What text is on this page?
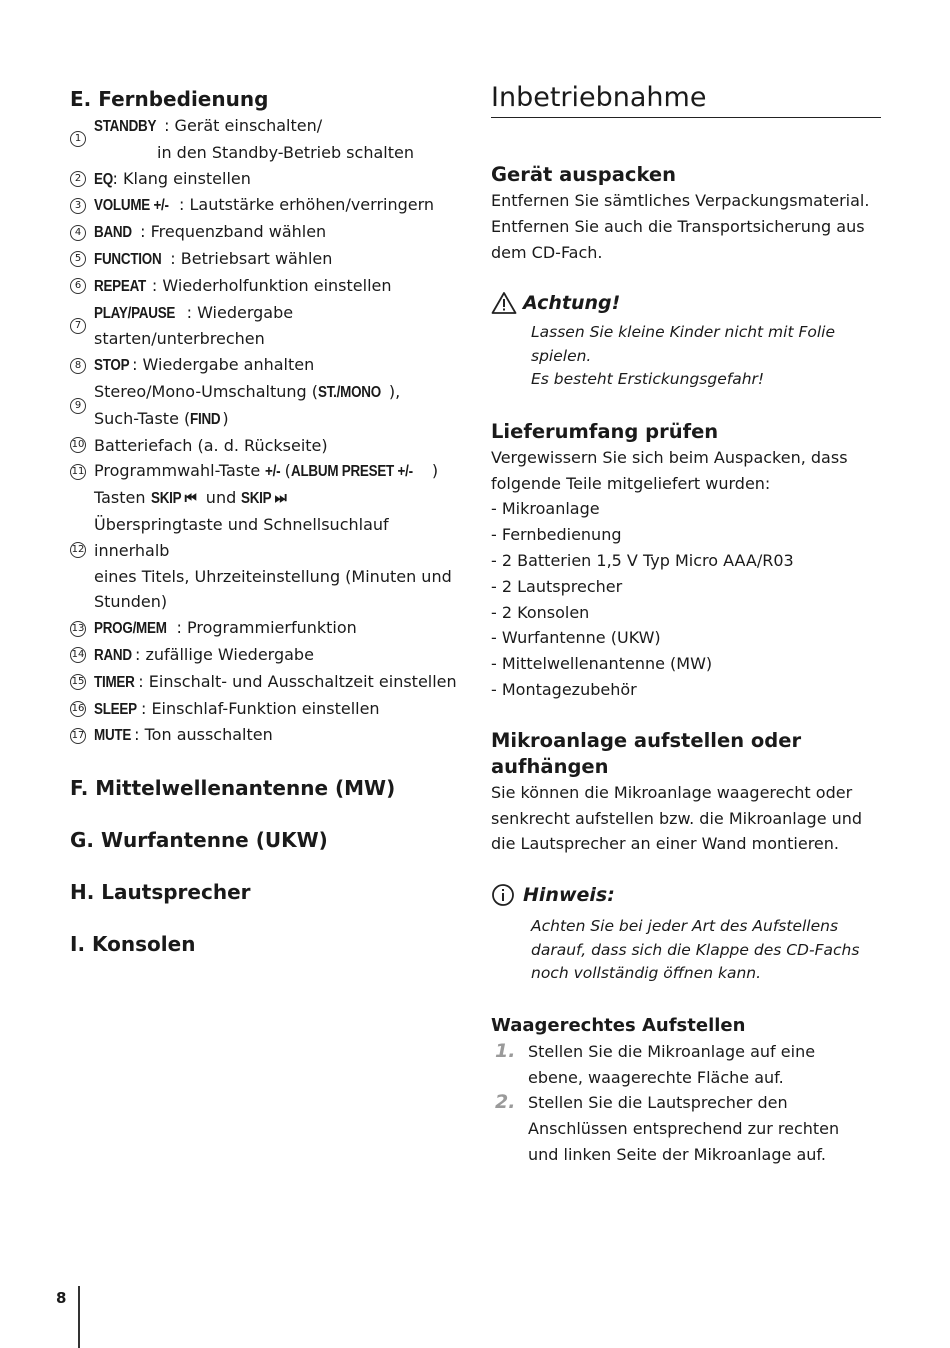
E. Fernbedienung
1
STANDBY : Gerät einschalten/
in den Standby-Betrieb schalten
2 EQ: Klang einstellen
3 VOLUME +/- : Lautstärke erhöhen/verringern
4 BAND : Frequenzband wählen
5 FUNCTION : Betriebsart wählen
6 REPEAT : Wiederholfunktion einstellen
7
PLAY/PAUSE : Wiedergabe starten/unterbrechen
8 STOP : Wiedergabe anhalten
9
Stereo/Mono-Umschaltung (ST./MONO ),
Such-Taste (FIND )
10 Batteriefach (a. d. Rückseite)
11 Programmwahl-Taste +/- (ALBUM PRESET +/- )
12
Tasten SKIP ⏮ und SKIP ⏭
Überspringtaste und Schnellsuchlauf innerhalb
eines Titels, Uhrzeiteinstellung (Minuten und
Stunden)
13 PROG/MEM : Programmierfunktion
14 RAND : zufällige Wiedergabe
15 TIMER : Einschalt- und Ausschaltzeit einstellen
16 SLEEP : Einschlaf-Funktion einstellen
17 MUTE : Ton ausschalten
F. Mittelwellenantenne (MW)
G. Wurfantenne (UKW)
H. Lautsprecher
I. Konsolen
Inbetriebnahme
Gerät auspacken

Entfernen Sie sämtliches Verpackungsmaterial. Entfernen Sie auch die Transportsicherung aus dem CD-Fach.

Achtung!

Lassen Sie kleine Kinder nicht mit Folie spielen.

Es besteht Erstickungsgefahr!

Lieferumfang prüfen

Vergewissern Sie sich beim Auspacken, dass folgende Teile mitgeliefert wurden:

- Mikroanlage
- Fernbedienung
- 2 Batterien 1,5 V Typ Micro AAA/R03
- 2 Lautsprecher
- 2 Konsolen
- Wurfantenne (UKW)
- Mittelwellenantenne (MW)
- Montagezubehör
Mikroanlage aufstellen oder aufhängen

Sie können die Mikroanlage waagerecht oder senkrecht aufstellen bzw. die Mikroanlage und die Lautsprecher an einer Wand montieren.

Hinweis:

Achten Sie bei jeder Art des Aufstellens darauf, dass sich die Klappe des CD-Fachs noch vollständig öffnen kann.

Waagerechtes Aufstellen
1. Stellen Sie die Mikroanlage auf eine ebene, waagerechte Fläche auf.
2. Stellen Sie die Lautsprecher den Anschlüssen entsprechend zur rechten und linken Seite der Mikroanlage auf.
8
